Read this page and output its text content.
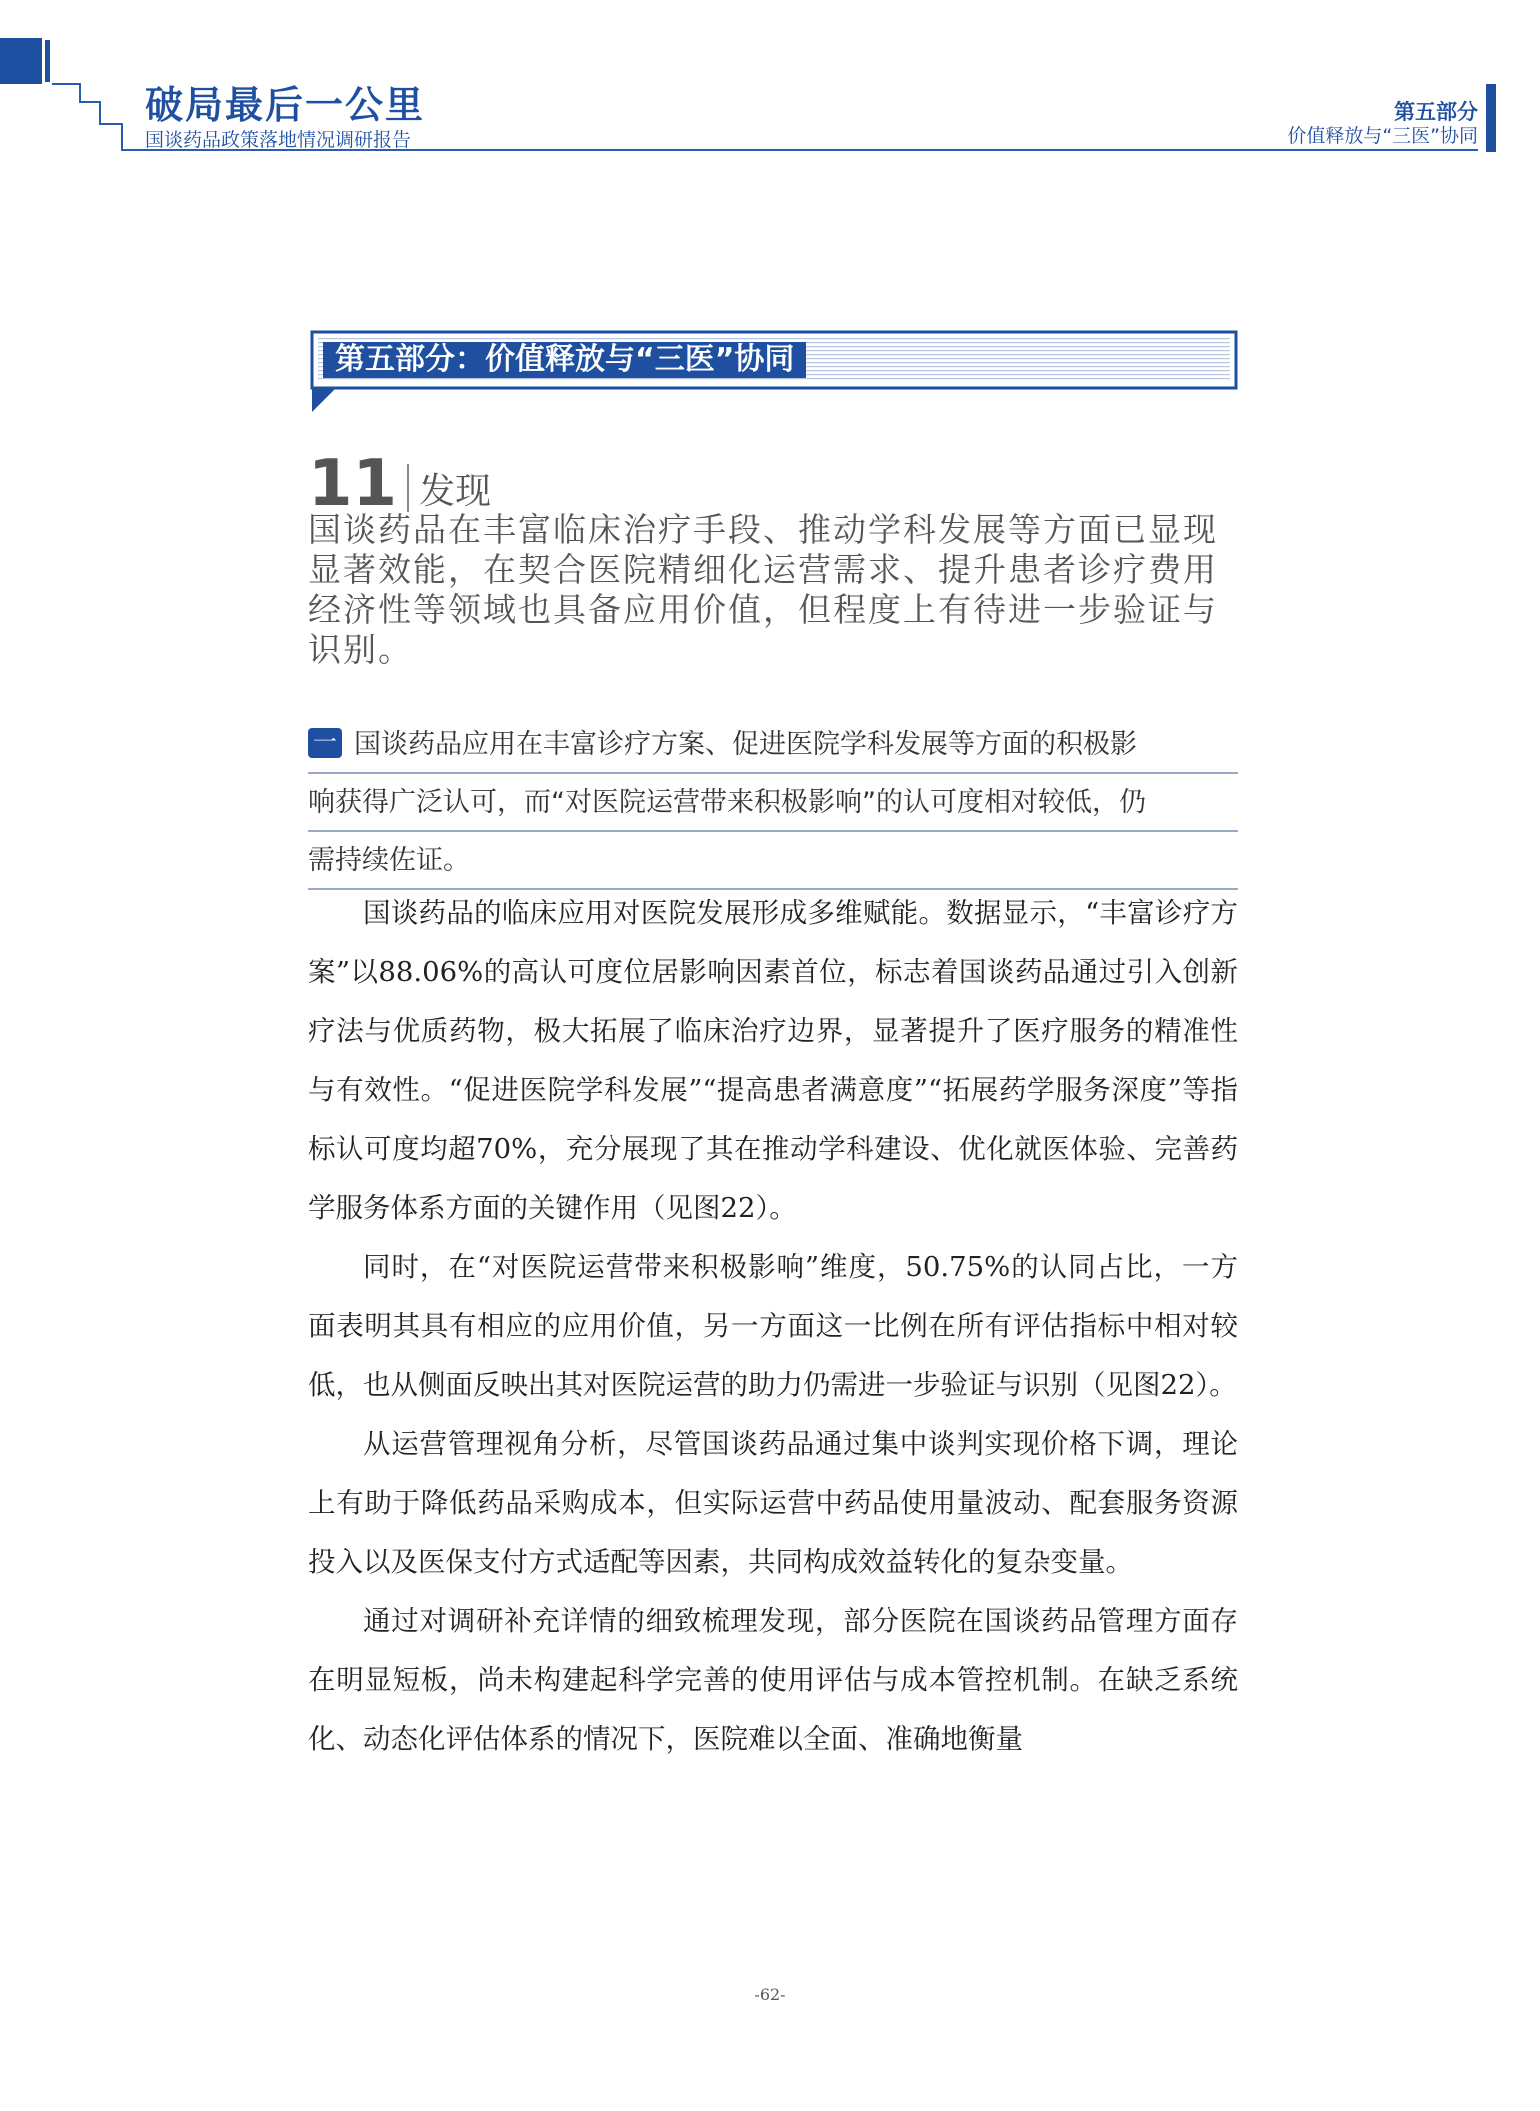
破局最后一公里
国谈药品政策落地情况调研报告
第五部分
价值释放与“三医”协同
第五部分：价值释放与“三医”协同
11 发现
国谈药品在丰富临床治疗手段、推动学科发展等方面已显现显著效能，在契合医院精细化运营需求、提升患者诊疗费用经济性等领域也具备应用价值，但程度上有待进一步验证与识别。
一 国谈药品应用在丰富诊疗方案、促进医院学科发展等方面的积极影
响获得广泛认可，而“对医院运营带来积极影响”的认可度相对较低，仍
需持续佐证。

国谈药品的临床应用对医院发展形成多维赋能。数据显示，“丰富诊疗方案”以88.06%的高认可度位居影响因素首位，标志着国谈药品通过引入创新疗法与优质药物，极大拓展了临床治疗边界，显著提升了医疗服务的精准性与有效性。“促进医院学科发展”“提高患者满意度”“拓展药学服务深度”等指标认可度均超70%，充分展现了其在推动学科建设、优化就医体验、完善药学服务体系方面的关键作用（见图22）。

同时，在“对医院运营带来积极影响”维度，50.75%的认同占比，一方面表明其具有相应的应用价值，另一方面这一比例在所有评估指标中相对较低，也从侧面反映出其对医院运营的助力仍需进一步验证与识别（见图22）。

从运营管理视角分析，尽管国谈药品通过集中谈判实现价格下调，理论上有助于降低药品采购成本，但实际运营中药品使用量波动、配套服务资源投入以及医保支付方式适配等因素，共同构成效益转化的复杂变量。

通过对调研补充详情的细致梳理发现，部分医院在国谈药品管理方面存在明显短板，尚未构建起科学完善的使用评估与成本管控机制。在缺乏系统化、动态化评估体系的情况下，医院难以全面、准确地衡量

-62-
